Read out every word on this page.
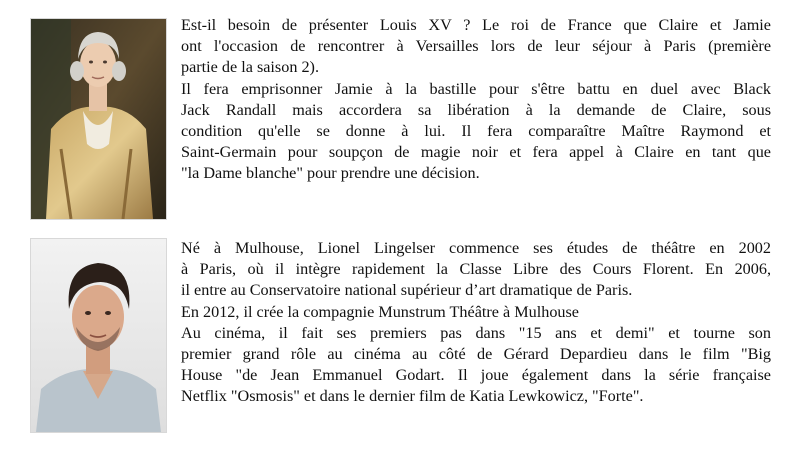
Est-il besoin de présenter Louis XV ? Le roi de France que Claire et Jamie
ont l'occasion de rencontrer à Versailles lors de leur séjour à Paris (première
partie de la saison 2).
Il fera emprisonner Jamie à la bastille pour s'être battu en duel avec Black
Jack Randall mais accordera sa libération à la demande de Claire, sous
condition qu'elle se donne à lui. Il fera comparaître Maître Raymond et
Saint-Germain pour soupçon de magie noir et fera appel à Claire en tant que
"la Dame blanche" pour prendre une décision.
Né à Mulhouse, Lionel Lingelser commence ses études de théâtre en 2002
à Paris, où il intègre rapidement la Classe Libre des Cours Florent. En 2006,
il entre au Conservatoire national supérieur d’art dramatique de Paris.
En 2012, il crée la compagnie Munstrum Théâtre à Mulhouse
Au cinéma, il fait ses premiers pas dans "15 ans et demi" et tourne son
premier grand rôle au cinéma au côté de Gérard Depardieu dans le film "Big
House "de Jean Emmanuel Godart. Il joue également dans la série française
Netflix "Osmosis" et dans le dernier film de Katia Lewkowicz, "Forte".
